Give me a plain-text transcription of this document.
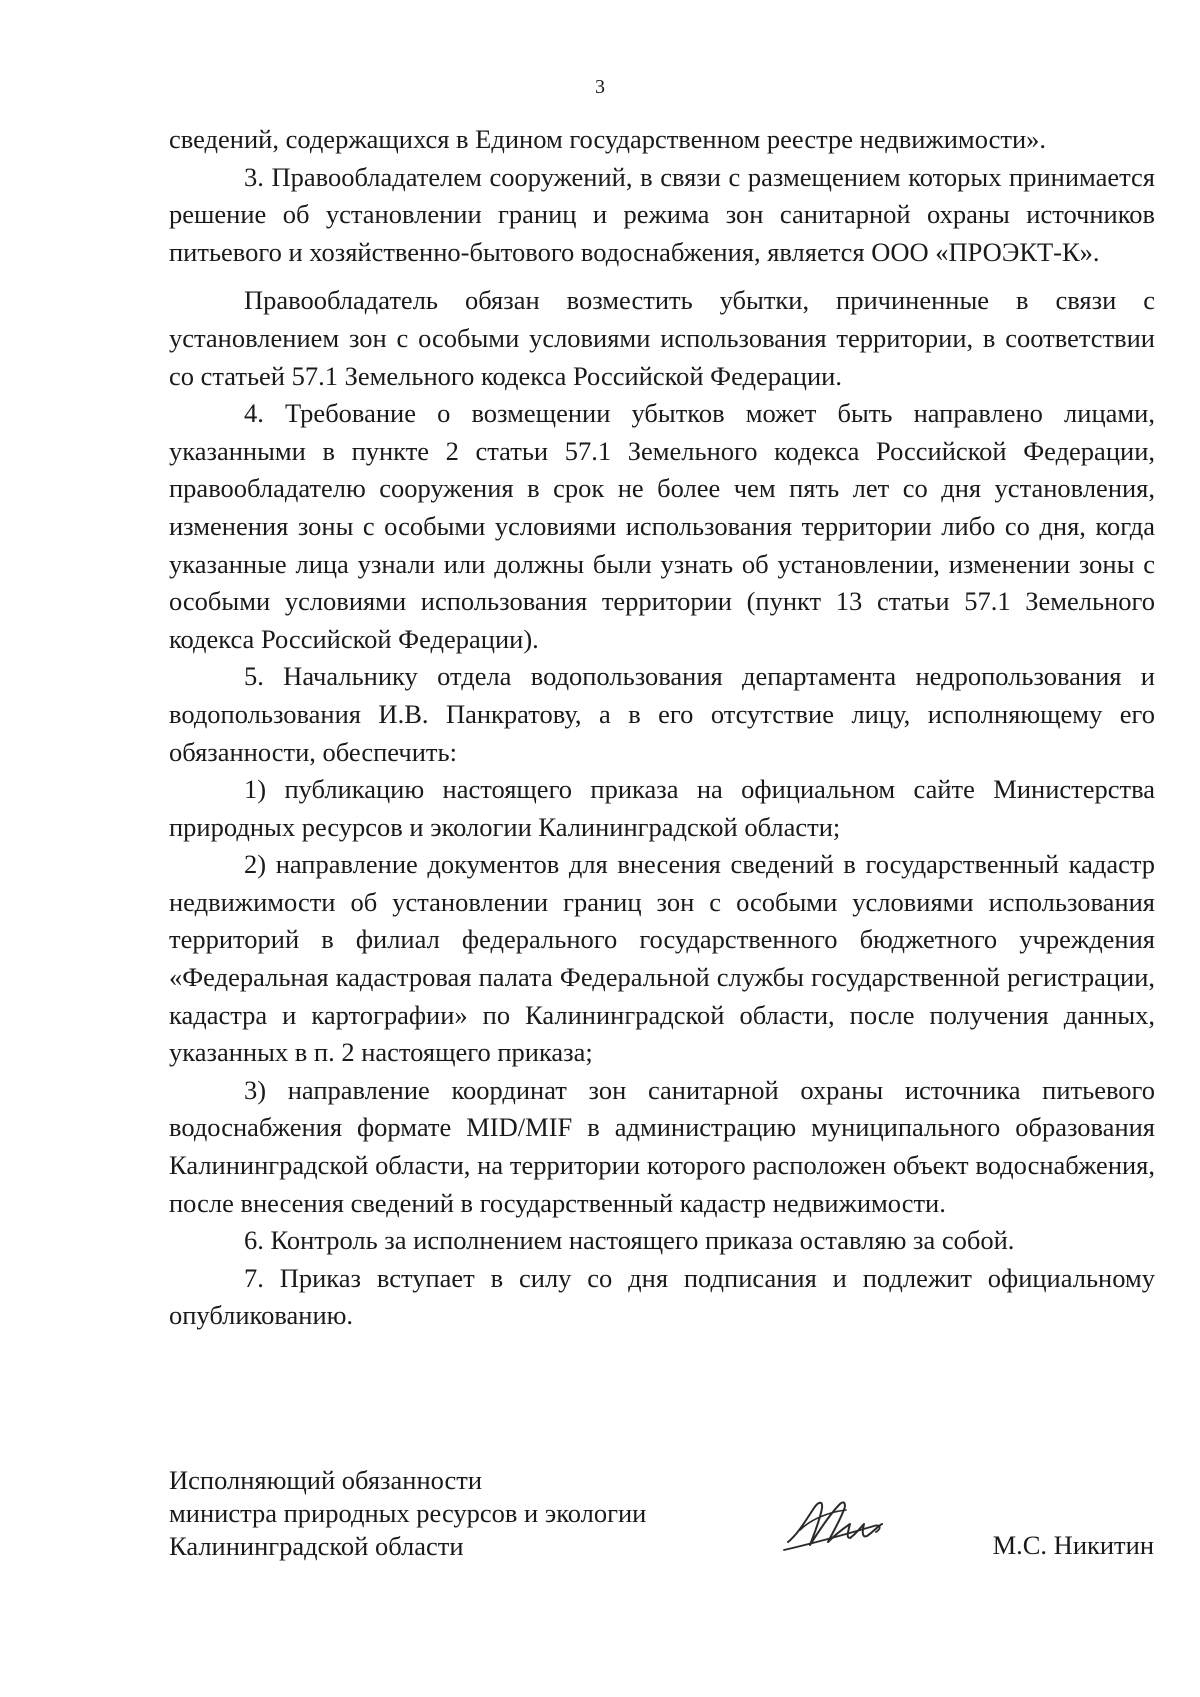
3

сведений, содержащихся в Едином государственном реестре недвижимости».

3. Правообладателем сооружений, в связи с размещением которых принимается решение об установлении границ и режима зон санитарной охраны источников питьевого и хозяйственно-бытового водоснабжения, является ООО «ПРОЭКТ-К».

Правообладатель обязан возместить убытки, причиненные в связи с установлением зон с особыми условиями использования территории, в соответствии со статьей 57.1 Земельного кодекса Российской Федерации.

4. Требование о возмещении убытков может быть направлено лицами, указанными в пункте 2 статьи 57.1 Земельного кодекса Российской Федерации, правообладателю сооружения в срок не более чем пять лет со дня установления, изменения зоны с особыми условиями использования территории либо со дня, когда указанные лица узнали или должны были узнать об установлении, изменении зоны с особыми условиями использования территории (пункт 13 статьи 57.1 Земельного кодекса Российской Федерации).

5. Начальнику отдела водопользования департамента недропользования и водопользования И.В. Панкратову, а в его отсутствие лицу, исполняющему его обязанности, обеспечить:

1) публикацию настоящего приказа на официальном сайте Министерства природных ресурсов и экологии Калининградской области;

2) направление документов для внесения сведений в государственный кадастр недвижимости об установлении границ зон с особыми условиями использования территорий в филиал федерального государственного бюджетного учреждения «Федеральная кадастровая палата Федеральной службы государственной регистрации, кадастра и картографии» по Калининградской области, после получения данных, указанных в п. 2 настоящего приказа;

3) направление координат зон санитарной охраны источника питьевого водоснабжения формате MID/MIF в администрацию муниципального образования Калининградской области, на территории которого расположен объект водоснабжения, после внесения сведений в государственный кадастр недвижимости.

6. Контроль за исполнением настоящего приказа оставляю за собой.

7. Приказ вступает в силу со дня подписания и подлежит официальному опубликованию.

Исполняющий обязанности
министра природных ресурсов и экологии
Калининградской области	М.С. Никитин
